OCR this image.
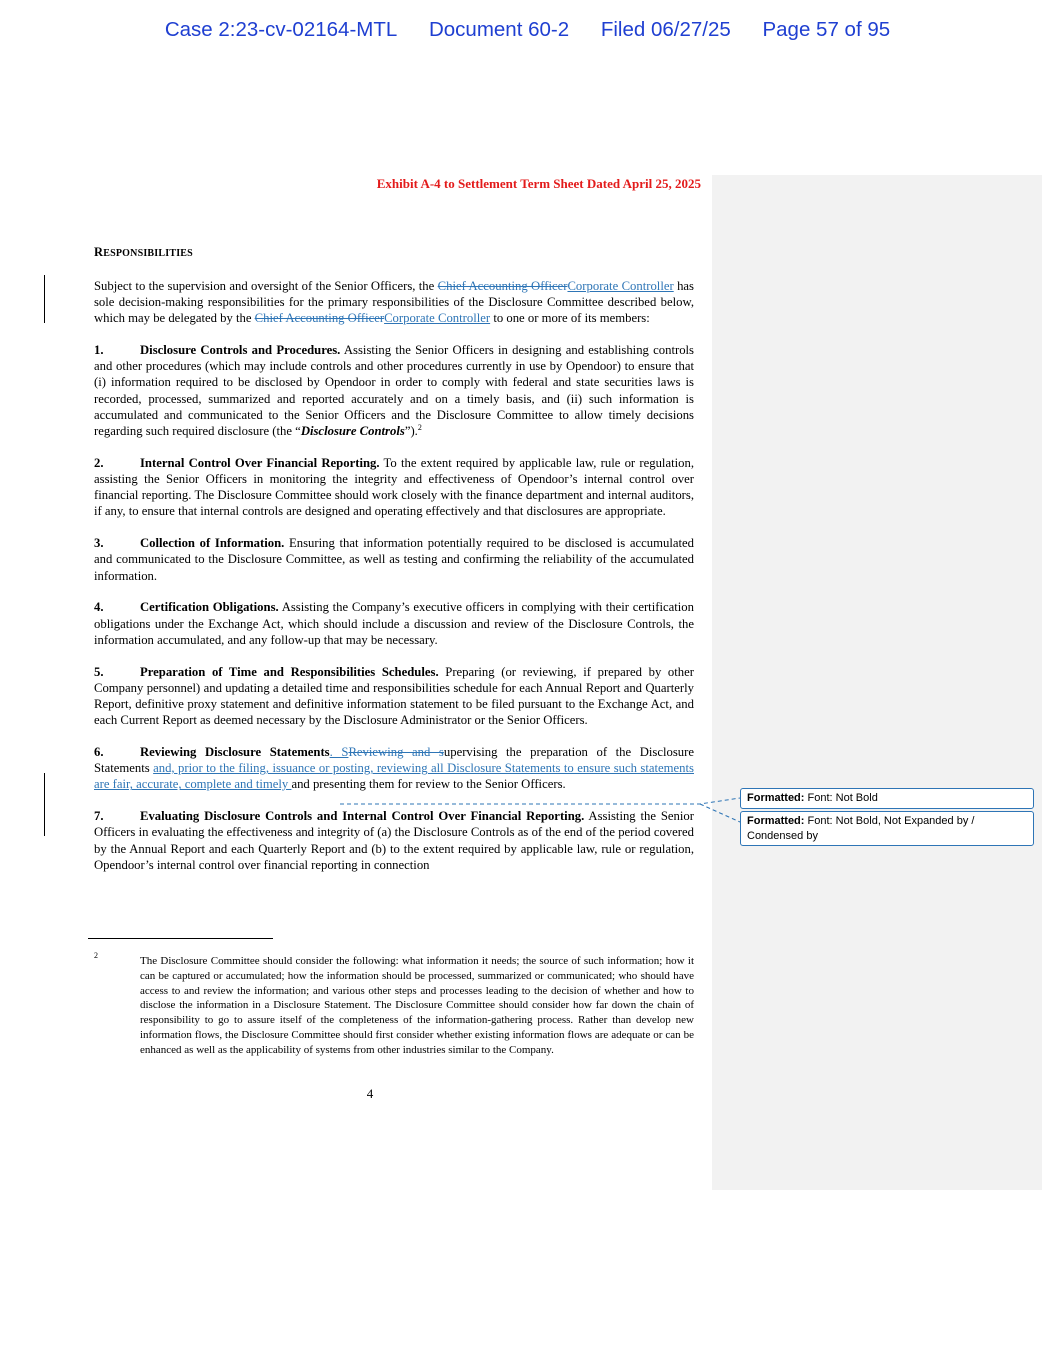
Case 2:23-cv-02164-MTL Document 60-2 Filed 06/27/25 Page 57 of 95
Exhibit A-4 to Settlement Term Sheet Dated April 25, 2025

RESPONSIBILITIES

Subject to the supervision and oversight of the Senior Officers, the Chief Accounting OfficerCorporate Controller has sole decision-making responsibilities for the primary responsibilities of the Disclosure Committee described below, which may be delegated by the Chief Accounting OfficerCorporate Controller to one or more of its members:

1.	Disclosure Controls and Procedures. Assisting the Senior Officers in designing and establishing controls and other procedures (which may include controls and other procedures currently in use by Opendoor) to ensure that (i) information required to be disclosed by Opendoor in order to comply with federal and state securities laws is recorded, processed, summarized and reported accurately and on a timely basis, and (ii) such information is accumulated and communicated to the Senior Officers and the Disclosure Committee to allow timely decisions regarding such required disclosure (the “Disclosure Controls”).$^2$

2.	Internal Control Over Financial Reporting. To the extent required by applicable law, rule or regulation, assisting the Senior Officers in monitoring the integrity and effectiveness of Opendoor’s internal control over financial reporting. The Disclosure Committee should work closely with the finance department and internal auditors, if any, to ensure that internal controls are designed and operating effectively and that disclosures are appropriate.

3.	Collection of Information. Ensuring that information potentially required to be disclosed is accumulated and communicated to the Disclosure Committee, as well as testing and confirming the reliability of the accumulated information.

4.	Certification Obligations. Assisting the Company’s executive officers in complying with their certification obligations under the Exchange Act, which should include a discussion and review of the Disclosure Controls, the information accumulated, and any follow-up that may be necessary.

5.	Preparation of Time and Responsibilities Schedules. Preparing (or reviewing, if prepared by other Company personnel) and updating a detailed time and responsibilities schedule for each Annual Report and Quarterly Report, definitive proxy statement and definitive information statement to be filed pursuant to the Exchange Act, and each Current Report as deemed necessary by the Disclosure Administrator or the Senior Officers.

6.	Reviewing Disclosure Statements. SReviewing and supervising the preparation of the Disclosure Statements and, prior to the filing, issuance or posting, reviewing all Disclosure Statements to ensure such statements are fair, accurate, complete and timely and presenting them for review to the Senior Officers.

7.	Evaluating Disclosure Controls and Internal Control Over Financial Reporting. Assisting the Senior Officers in evaluating the effectiveness and integrity of (a) the Disclosure Controls as of the end of the period covered by the Annual Report and each Quarterly Report and (b) to the extent required by applicable law, rule or regulation, Opendoor’s internal control over financial reporting in connection

2	The Disclosure Committee should consider the following: what information it needs; the source of such information; how it can be captured or accumulated; how the information should be processed, summarized or communicated; who should have access to and review the information; and various other steps and processes leading to the decision of whether and how to disclose the information in a Disclosure Statement. The Disclosure Committee should consider how far down the chain of responsibility to go to assure itself of the completeness of the information-gathering process. Rather than develop new information flows, the Disclosure Committee should first consider whether existing information flows are adequate or can be enhanced as well as the applicability of systems from other industries similar to the Company.
4
Formatted: Font: Not Bold
Formatted: Font: Not Bold, Not Expanded by / Condensed by
